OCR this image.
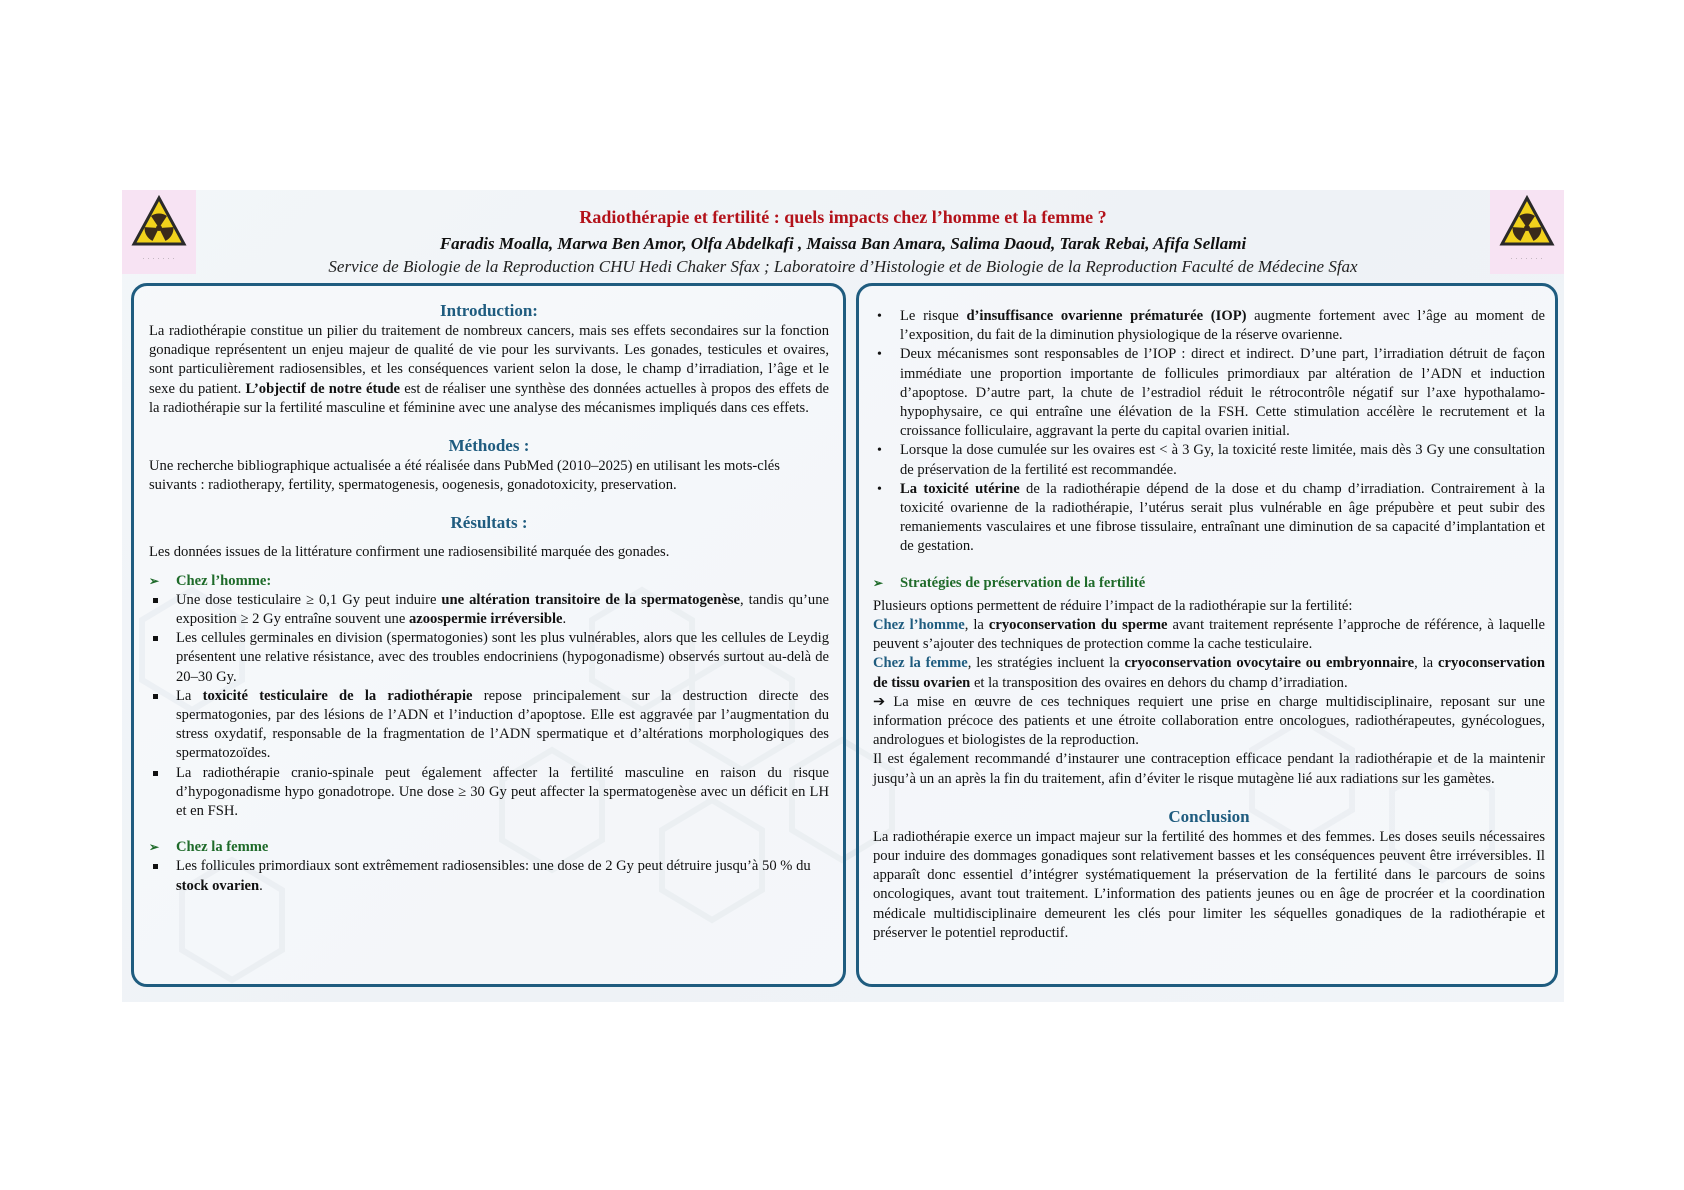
· · · · · · ·	· · · · · · ·
Radiothérapie et fertilité : quels impacts chez l’homme et la femme ?
Faradis Moalla, Marwa Ben Amor, Olfa Abdelkafi , Maissa Ban Amara, Salima Daoud, Tarak Rebai, Afifa Sellami
Service de Biologie de la Reproduction CHU Hedi Chaker Sfax ; Laboratoire d’Histologie et de Biologie de la Reproduction Faculté de Médecine Sfax
Introduction:

La radiothérapie constitue un pilier du traitement de nombreux cancers, mais ses effets secondaires sur la fonction gonadique représentent un enjeu majeur de qualité de vie pour les survivants. Les gonades, testicules et ovaires, sont particulièrement radiosensibles, et les conséquences varient selon la dose, le champ d’irradiation, l’âge et le sexe du patient. L’objectif de notre étude est de réaliser une synthèse des données actuelles à propos des effets de la radiothérapie sur la fertilité masculine et féminine avec une analyse des mécanismes impliqués dans ces effets.

Méthodes :

Une recherche bibliographique actualisée a été réalisée dans PubMed (2010–2025) en utilisant les mots-clés suivants : radiotherapy, fertility, spermatogenesis, oogenesis, gonadotoxicity, preservation.

Résultats :

Les données issues de la littérature confirment une radiosensibilité marquée des gonades.

➢	Chez l’homme:
Une dose testiculaire ≥ 0,1 Gy peut induire une altération transitoire de la spermatogenèse, tandis qu’une exposition ≥ 2 Gy entraîne souvent une azoospermie irréversible.
Les cellules germinales en division (spermatogonies) sont les plus vulnérables, alors que les cellules de Leydig présentent une relative résistance, avec des troubles endocriniens (hypogonadisme) observés surtout au-delà de 20–30 Gy.
La toxicité testiculaire de la radiothérapie repose principalement sur la destruction directe des spermatogonies, par des lésions de l’ADN et l’induction d’apoptose. Elle est aggravée par l’augmentation du stress oxydatif, responsable de la fragmentation de l’ADN spermatique et d’altérations morphologiques des spermatozoïdes.
La radiothérapie cranio-spinale peut également affecter la fertilité masculine en raison du risque d’hypogonadisme hypo gonadotrope. Une dose ≥ 30 Gy peut affecter la spermatogenèse avec un déficit en LH et en FSH.
➢	Chez la femme
Les follicules primordiaux sont extrêmement radiosensibles: une dose de 2 Gy peut détruire jusqu’à 50 % du stock ovarien.
• Le risque d’insuffisance ovarienne prématurée (IOP) augmente fortement avec l’âge au moment de l’exposition, du fait de la diminution physiologique de la réserve ovarienne.
• Deux mécanismes sont responsables de l’IOP : direct et indirect. D’une part, l’irradiation détruit de façon immédiate une proportion importante de follicules primordiaux par altération de l’ADN et induction d’apoptose. D’autre part, la chute de l’estradiol réduit le rétrocontrôle négatif sur l’axe hypothalamo-hypophysaire, ce qui entraîne une élévation de la FSH. Cette stimulation accélère le recrutement et la croissance folliculaire, aggravant la perte du capital ovarien initial.
• Lorsque la dose cumulée sur les ovaires est < à 3 Gy, la toxicité reste limitée, mais dès 3 Gy une consultation de préservation de la fertilité est recommandée.
• La toxicité utérine de la radiothérapie dépend de la dose et du champ d’irradiation. Contrairement à la toxicité ovarienne de la radiothérapie, l’utérus serait plus vulnérable en âge prépubère et peut subir des remaniements vasculaires et une fibrose tissulaire, entraînant une diminution de sa capacité d’implantation et de gestation.
➢	Stratégies de préservation de la fertilité

Plusieurs options permettent de réduire l’impact de la radiothérapie sur la fertilité:

Chez l’homme, la cryoconservation du sperme avant traitement représente l’approche de référence, à laquelle peuvent s’ajouter des techniques de protection comme la cache testiculaire.

Chez la femme, les stratégies incluent la cryoconservation ovocytaire ou embryonnaire, la cryoconservation de tissu ovarien et la transposition des ovaires en dehors du champ d’irradiation.

➔ La mise en œuvre de ces techniques requiert une prise en charge multidisciplinaire, reposant sur une information précoce des patients et une étroite collaboration entre oncologues, radiothérapeutes, gynécologues, andrologues et biologistes de la reproduction.

Il est également recommandé d’instaurer une contraception efficace pendant la radiothérapie et de la maintenir jusqu’à un an après la fin du traitement, afin d’éviter le risque mutagène lié aux radiations sur les gamètes.

Conclusion

La radiothérapie exerce un impact majeur sur la fertilité des hommes et des femmes. Les doses seuils nécessaires pour induire des dommages gonadiques sont relativement basses et les conséquences peuvent être irréversibles. Il apparaît donc essentiel d’intégrer systématiquement la préservation de la fertilité dans le parcours de soins oncologiques, avant tout traitement. L’information des patients jeunes ou en âge de procréer et la coordination médicale multidisciplinaire demeurent les clés pour limiter les séquelles gonadiques de la radiothérapie et préserver le potentiel reproductif.
